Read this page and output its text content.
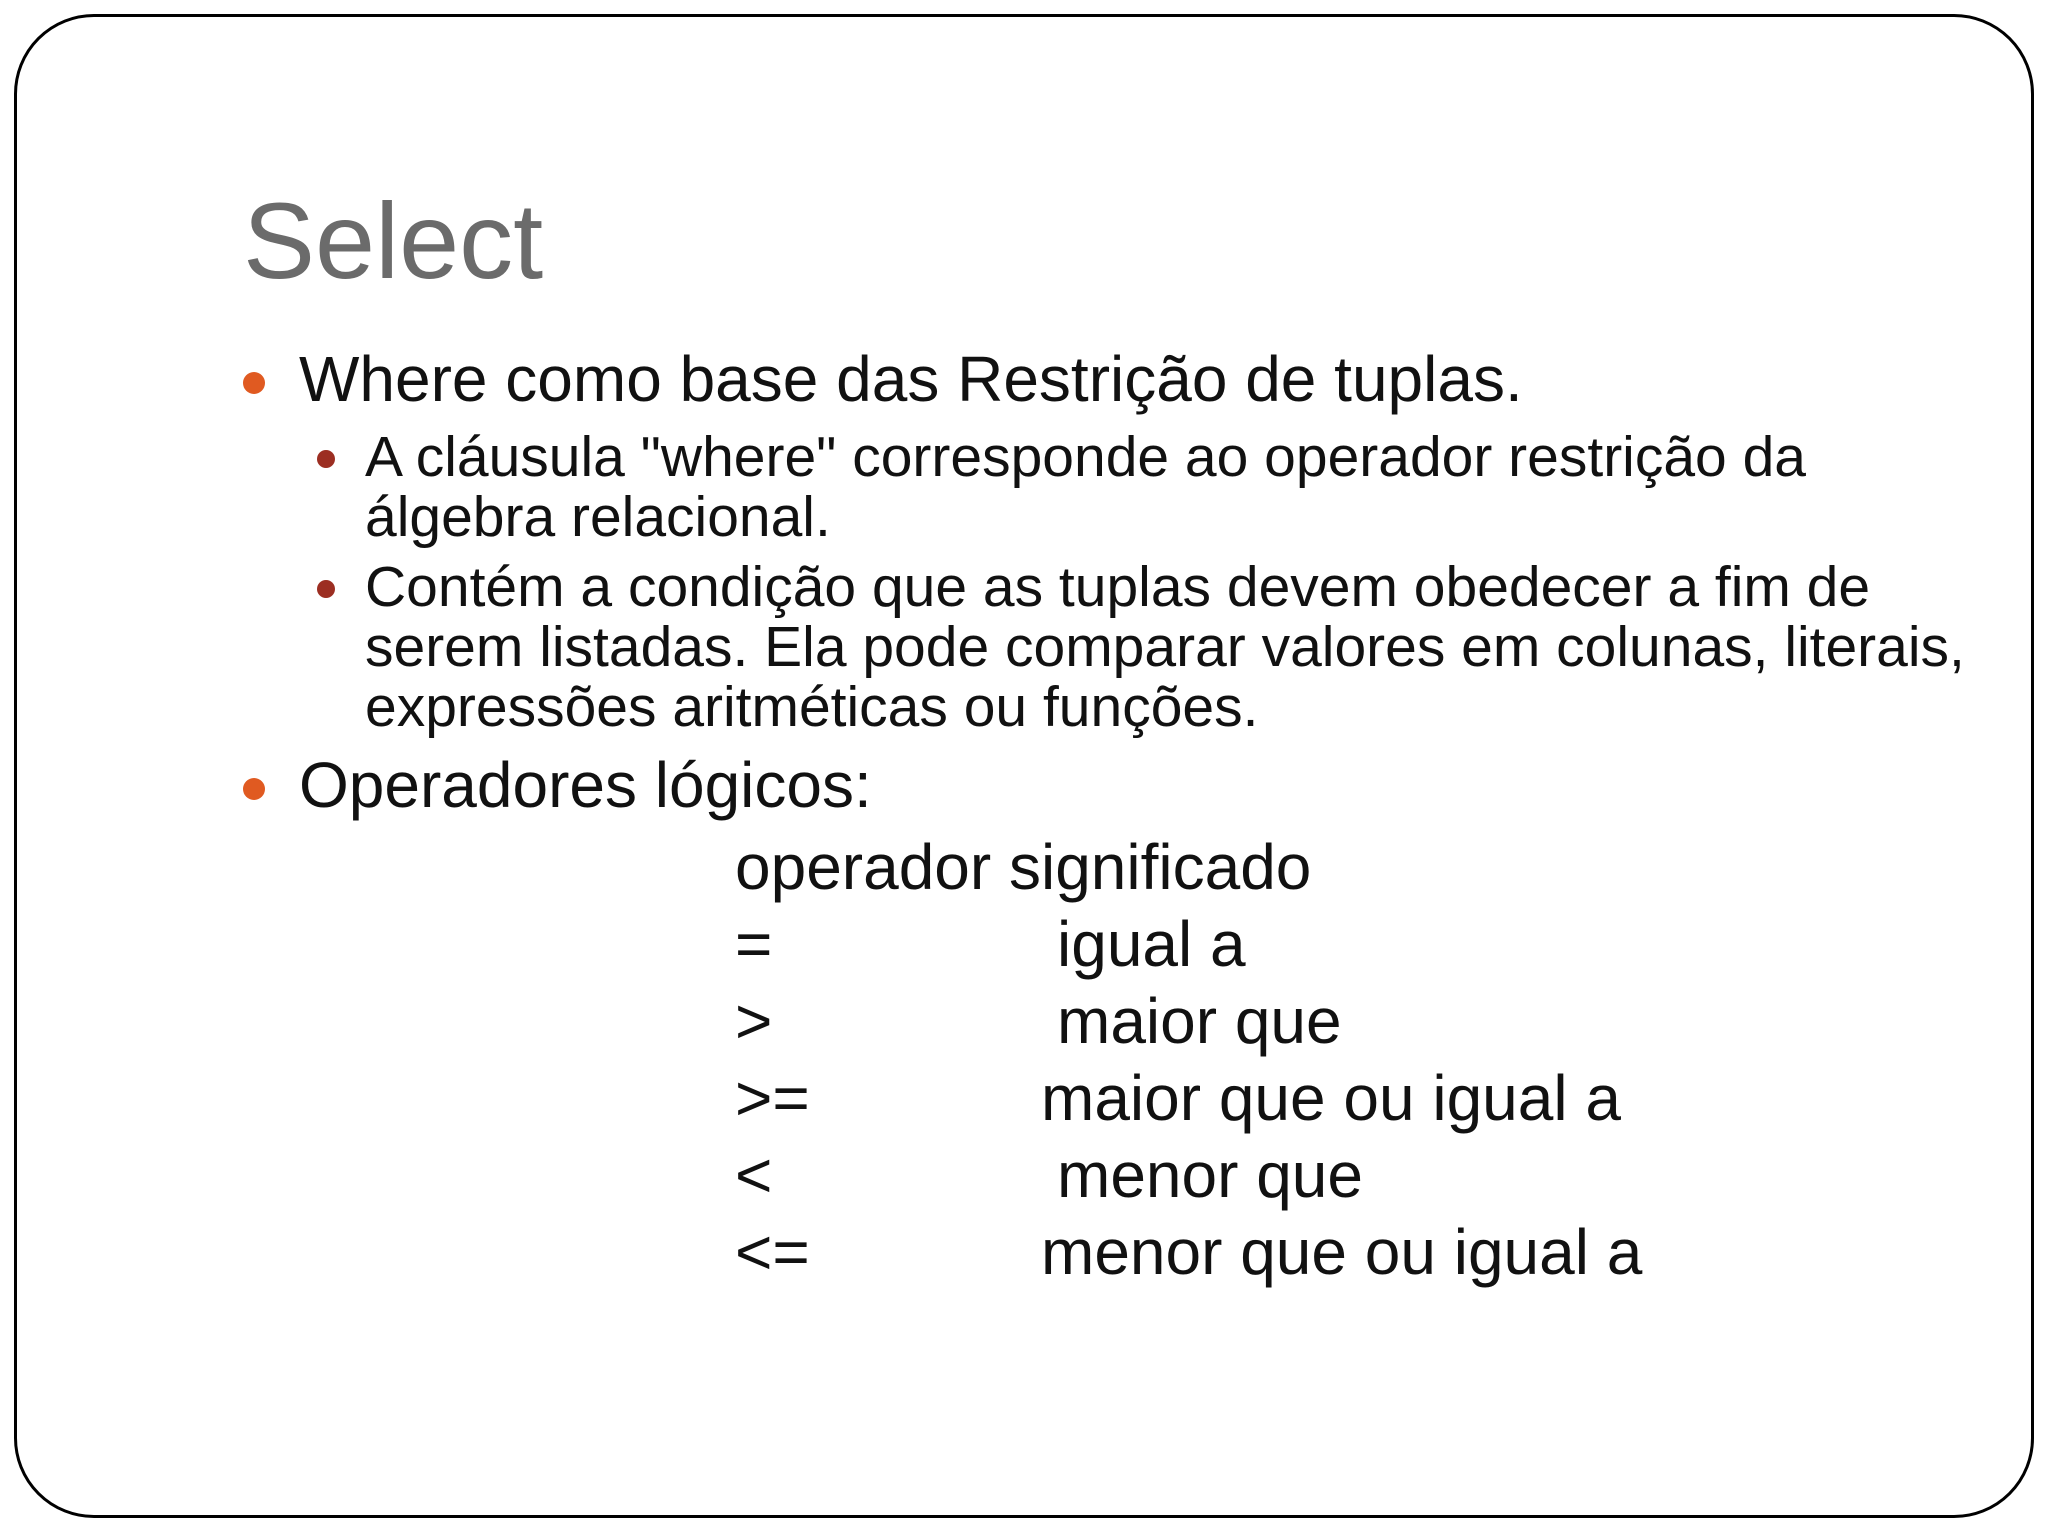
Select
Where como base das Restrição de tuplas.
A cláusula "where" corresponde ao operador restrição da álgebra relacional.
Contém a condição que as tuplas devem obedecer a fim de serem listadas. Ela pode comparar valores em colunas, literais, expressões aritméticas ou funções.
Operadores lógicos:
operador significado
=	igual a
>	maior que
>=	maior que ou igual a
<	menor que
<=	menor que ou igual a
